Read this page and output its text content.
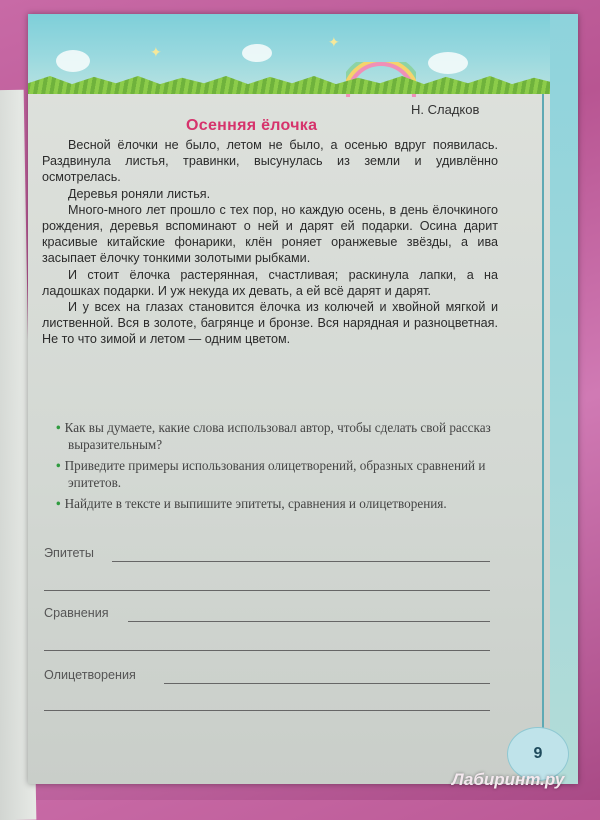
✦
✦
Н. Сладков
Осенняя ёлочка

Весной ёлочки не было, летом не было, а осенью вдруг появилась. Раздвинула листья, травинки, высунулась из земли и удивлённо осмотрелась.

Деревья роняли листья.

Много-много лет прошло с тех пор, но каждую осень, в день ёлочкиного рождения, деревья вспоминают о ней и дарят ей подарки. Осина дарит красивые китайские фонарики, клён роняет оранжевые звёзды, а ива засыпает ёлочку тонкими золотыми рыбками.

И стоит ёлочка растерянная, счастливая; раскинула лапки, а на ладошках подарки. И уж некуда их девать, а ей всё дарят и дарят.

И у всех на глазах становится ёлочка из колючей и хвойной мягкой и лиственной. Вся в золоте, багрянце и бронзе. Вся нарядная и разноцветная. Не то что зимой и летом — одним цветом.

• Как вы думаете, какие слова использовал автор, чтобы сделать свой рассказ выразительным?

• Приведите примеры использования олицетворений, образных сравнений и эпитетов.

• Найдите в тексте и выпишите эпитеты, сравнения и олицетворения.

Эпитеты
Сравнения
Олицетворения
9
Лабиринт.ру
